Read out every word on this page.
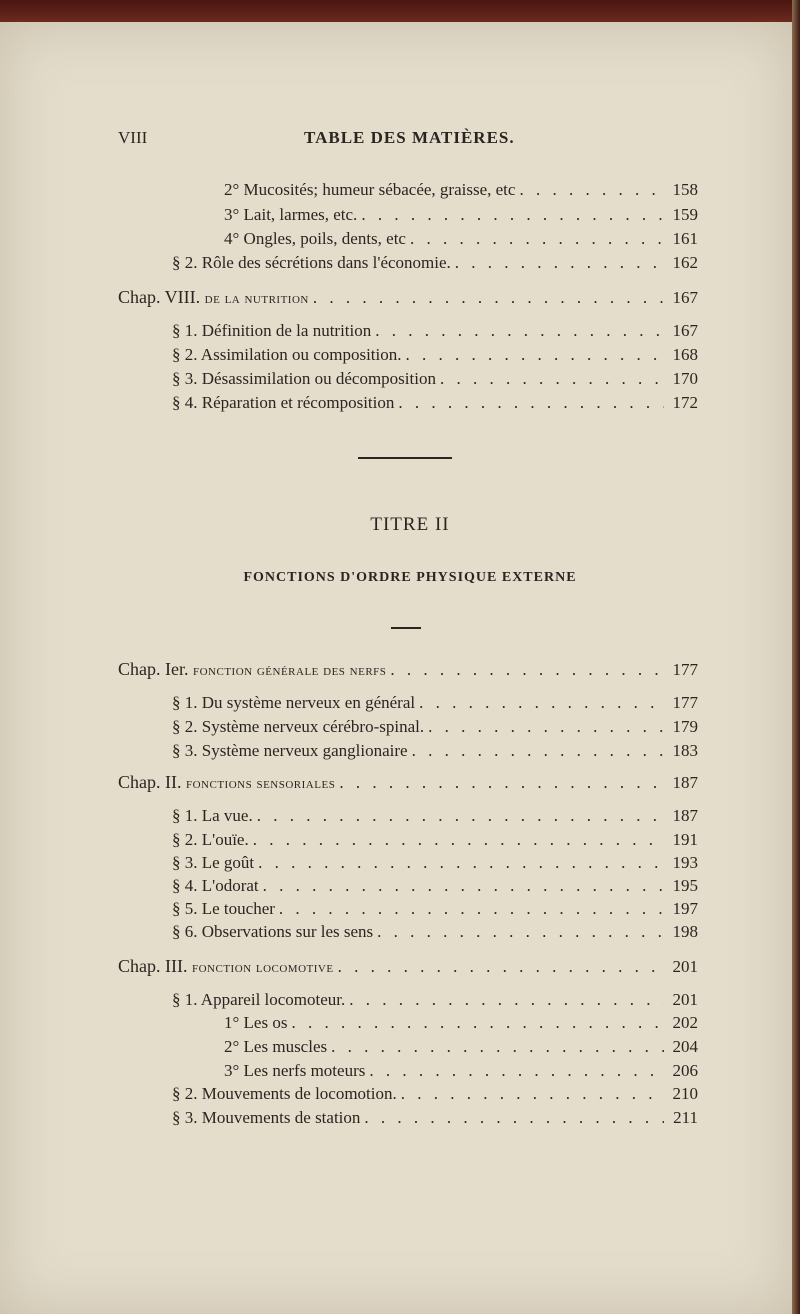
VIII	TABLE DES MATIÈRES.
2° Mucosités; humeur sébacée, graisse, etc . . .	158
3° Lait, larmes, etc. . . .	159
4° Ongles, poils, dents, etc . . .	161
§ 2. Rôle des sécrétions dans l'économie. . . .	162
Chap. VIII. de la nutrition . . .	167
§ 1. Définition de la nutrition . . .	167
§ 2. Assimilation ou composition. . . .	168
§ 3. Désassimilation ou décomposition . . .	170
§ 4. Réparation et récomposition . . .	172
TITRE II
FONCTIONS D'ORDRE PHYSIQUE EXTERNE
Chap. Ier. fonction générale des nerfs . . .	177
§ 1. Du système nerveux en général . . .	177
§ 2. Système nerveux cérébro-spinal. . . .	179
§ 3. Système nerveux ganglionaire . . .	183
Chap. II. fonctions sensoriales . . .	187
§ 1. La vue. . . .	187
§ 2. L'ouïe. . . .	191
§ 3. Le goût . . .	193
§ 4. L'odorat . . .	195
§ 5. Le toucher . . .	197
§ 6. Observations sur les sens . . .	198
Chap. III. fonction locomotive . . .	201
§ 1. Appareil locomoteur. . . .	201
1° Les os . . .	202
2° Les muscles . . .	204
3° Les nerfs moteurs . . .	206
§ 2. Mouvements de locomotion. . . .	210
§ 3. Mouvements de station . . .	211
